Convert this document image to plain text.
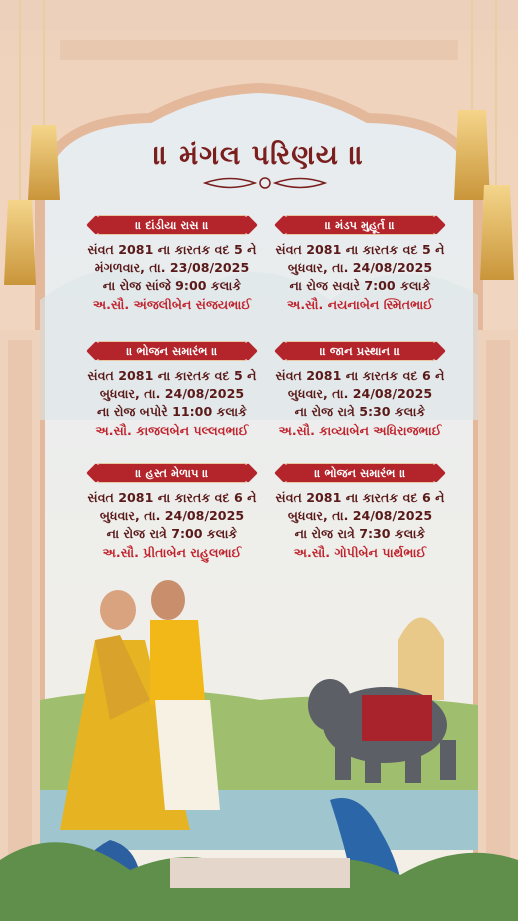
॥ મંગલ પરિણય ॥
॥ દાંડીયા રાસ ॥
સંવત 2081 ના કારતક વદ 5 ને
મંગળવાર, તા. 23/08/2025
ના રોજ સાંજે 9:00 કલાકે
અ.સૌ. અંજલીબેન સંજયભાઈ
॥ મંડપ મુહૂર્ત ॥
સંવત 2081 ના કારતક વદ 5 ને
બુધવાર, તા. 24/08/2025
ના રોજ સવારે 7:00 કલાકે
અ.સૌ. નયનાબેન સ્મિતભાઈ
॥ ભોજન સમારંભ ॥
સંવત 2081 ના કારતક વદ 5 ને
બુધવાર, તા. 24/08/2025
ના રોજ બપોરે 11:00 કલાકે
અ.સૌ. કાજલબેન પલ્લવભાઈ
॥ જાન પ્રસ્થાન ॥
સંવત 2081 ના કારતક વદ 6 ને
બુધવાર, તા. 24/08/2025
ના રોજ રાત્રે 5:30 કલાકે
અ.સૌ. કાવ્યાબેન અધિરાજભાઈ
॥ હસ્ત મેળાપ ॥
સંવત 2081 ના કારતક વદ 6 ને
બુધવાર, તા. 24/08/2025
ના રોજ રાત્રે 7:00 કલાકે
અ.સૌ. પ્રીતાબેન રાહુલભાઈ
॥ ભોજન સમારંભ ॥
સંવત 2081 ના કારતક વદ 6 ને
બુધવાર, તા. 24/08/2025
ના રોજ રાત્રે 7:30 કલાકે
અ.સૌ. ગોપીબેન પાર્થભાઈ
